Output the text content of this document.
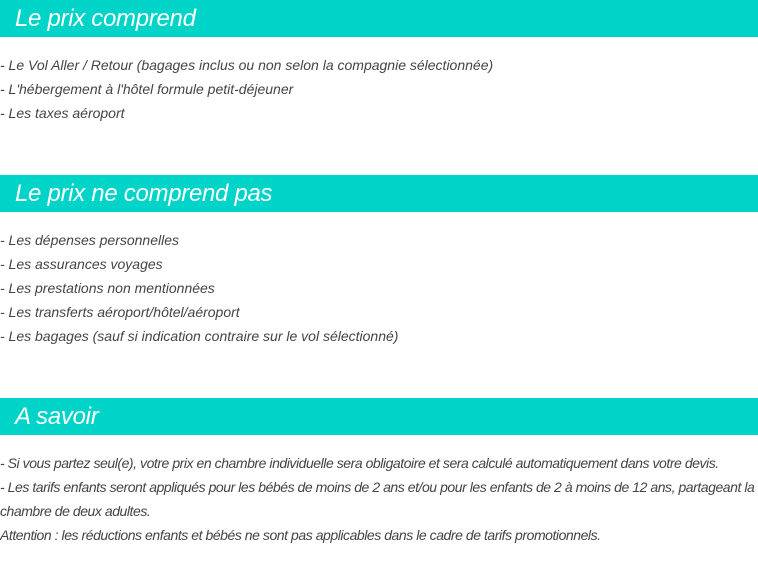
Le prix comprend
- Le Vol Aller / Retour (bagages inclus ou non selon la compagnie sélectionnée)
- L'hébergement à l'hôtel formule petit-déjeuner
- Les taxes aéroport
Le prix ne comprend pas
- Les dépenses personnelles
- Les assurances voyages
- Les prestations non mentionnées
- Les transferts aéroport/hôtel/aéroport
- Les bagages (sauf si indication contraire sur le vol sélectionné)
A savoir
- Si vous partez seul(e), votre prix en chambre individuelle sera obligatoire et sera calculé automatiquement dans votre devis.
- Les tarifs enfants seront appliqués pour les bébés de moins de 2 ans et/ou pour les enfants de 2 à moins de 12 ans, partageant la chambre de deux adultes.
Attention : les réductions enfants et bébés ne sont pas applicables dans le cadre de tarifs promotionnels.
